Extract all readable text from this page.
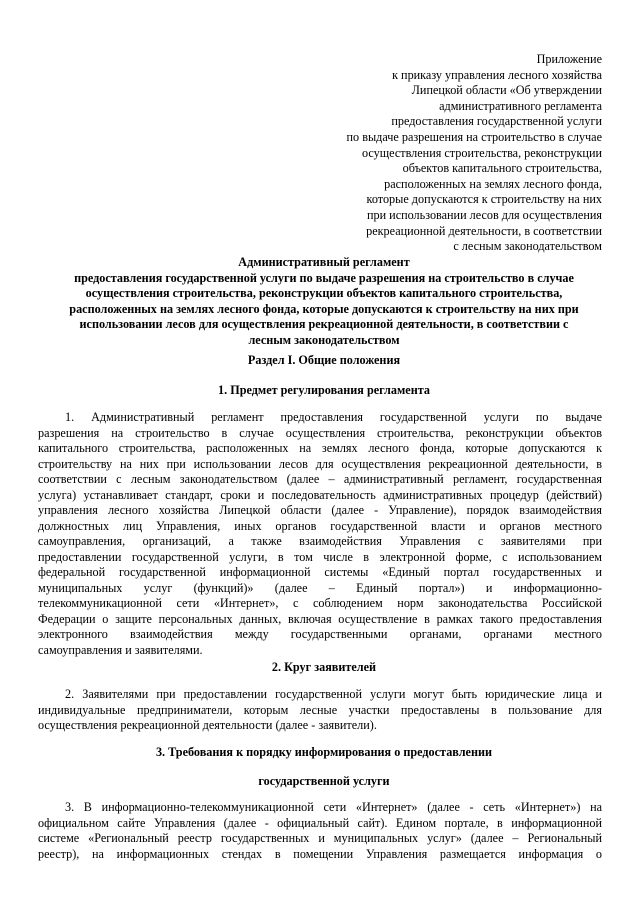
Приложение
к приказу управления лесного хозяйства
Липецкой области «Об утверждении
административного регламента
предоставления государственной услуги
по выдаче разрешения на строительство в случае
осуществления строительства, реконструкции
объектов капитального строительства,
расположенных на землях лесного фонда,
которые допускаются к строительству на них
при использовании лесов для осуществления
рекреационной деятельности, в соответствии
с лесным законодательством
Административный регламент
предоставления государственной услуги по выдаче разрешения на строительство в случае
осуществления строительства, реконструкции объектов капитального строительства,
расположенных на землях лесного фонда, которые допускаются к строительству на них при
использовании лесов для осуществления рекреационной деятельности, в соответствии с
лесным законодательством
Раздел I. Общие положения
1. Предмет регулирования регламента
1. Административный регламент предоставления государственной услуги по выдаче
разрешения на строительство в случае осуществления строительства, реконструкции объектов
капитального строительства, расположенных на землях лесного фонда, которые допускаются к
строительству на них при использовании лесов для осуществления рекреационной деятельности, в
соответствии с лесным законодательством (далее – административный регламент, государственная
услуга) устанавливает стандарт, сроки и последовательность административных процедур (действий)
управления лесного хозяйства Липецкой области (далее - Управление), порядок взаимодействия
должностных лиц Управления, иных органов государственной власти и органов местного
самоуправления, организаций, а также взаимодействия Управления с заявителями при
предоставлении государственной услуги, в том числе в электронной форме, с использованием
федеральной государственной информационной системы «Единый портал государственных и
муниципальных услуг (функций)» (далее – Единый портал») и информационно-
телекоммуникационной сети «Интернет», с соблюдением норм законодательства Российской
Федерации о защите персональных данных, включая осуществление в рамках такого предоставления
электронного взаимодействия между государственными органами, органами местного
самоуправления и заявителями.
2. Круг заявителей
2. Заявителями при предоставлении государственной услуги могут быть юридические лица и
индивидуальные предприниматели, которым лесные участки предоставлены в пользование для
осуществления рекреационной деятельности (далее - заявители).
3. Требования к порядку информирования о предоставлении
государственной услуги
3. В информационно-телекоммуникационной сети «Интернет» (далее - сеть «Интернет») на
официальном сайте Управления (далее - официальный сайт). Едином портале, в информационной
системе «Региональный реестр государственных и муниципальных услуг» (далее – Региональный
реестр), на информационных стендах в помещении Управления размещается информация о
